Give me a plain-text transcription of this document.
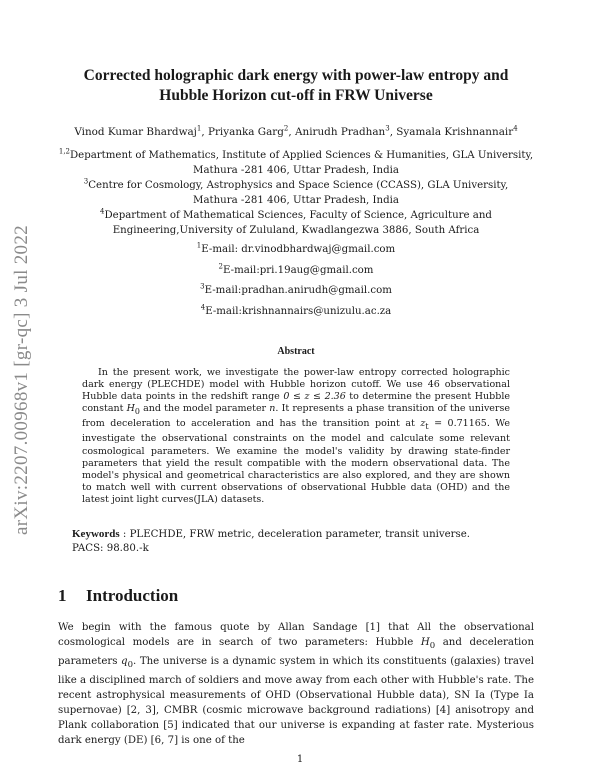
arXiv:2207.00968v1 [gr-qc] 3 Jul 2022
Corrected holographic dark energy with power-law entropy and
Hubble Horizon cut-off in FRW Universe
Vinod Kumar Bhardwaj$^1$, Priyanka Garg$^2$, Anirudh Pradhan$^3$, Syamala Krishnannair$^4$
$^{1,2}$Department of Mathematics, Institute of Applied Sciences & Humanities, GLA University,
Mathura -281 406, Uttar Pradesh, India
$^3$Centre for Cosmology, Astrophysics and Space Science (CCASS), GLA University,
Mathura -281 406, Uttar Pradesh, India
$^4$Department of Mathematical Sciences, Faculty of Science, Agriculture and
Engineering,University of Zululand, Kwadlangezwa 3886, South Africa
$^1$E-mail: dr.vinodbhardwaj@gmail.com
$^2$E-mail:pri.19aug@gmail.com
$^3$E-mail:pradhan.anirudh@gmail.com
$^4$E-mail:krishnannairs@unizulu.ac.za
Abstract
In the present work, we investigate the power-law entropy corrected holographic dark energy (PLECHDE) model with Hubble horizon cutoff. We use 46 observational Hubble data points in the redshift range 0 ≤ z ≤ 2.36 to determine the present Hubble constant $H_0$ and the model parameter n. It represents a phase transition of the universe from deceleration to acceleration and has the transition point at $z_t = 0.71165$. We investigate the observational constraints on the model and calculate some relevant cosmological parameters. We examine the model's validity by drawing state-finder parameters that yield the result compatible with the modern observational data. The model's physical and geometrical characteristics are also explored, and they are shown to match well with current observations of observational Hubble data (OHD) and the latest joint light curves(JLA) datasets.
Keywords : PLECHDE, FRW metric, deceleration parameter, transit universe.
PACS: 98.80.-k
1 Introduction
We begin with the famous quote by Allan Sandage [1] that All the observational cosmological models are in search of two parameters: Hubble $H_0$ and deceleration parameters $q_0$. The universe is a dynamic system in which its constituents (galaxies) travel like a disciplined march of soldiers and move away from each other with Hubble's rate. The recent astrophysical measurements of OHD (Observational Hubble data), SN Ia (Type Ia supernovae) [2, 3], CMBR (cosmic microwave background radiations) [4] anisotropy and Plank collaboration [5] indicated that our universe is expanding at faster rate. Mysterious dark energy (DE) [6, 7] is one of the
1
